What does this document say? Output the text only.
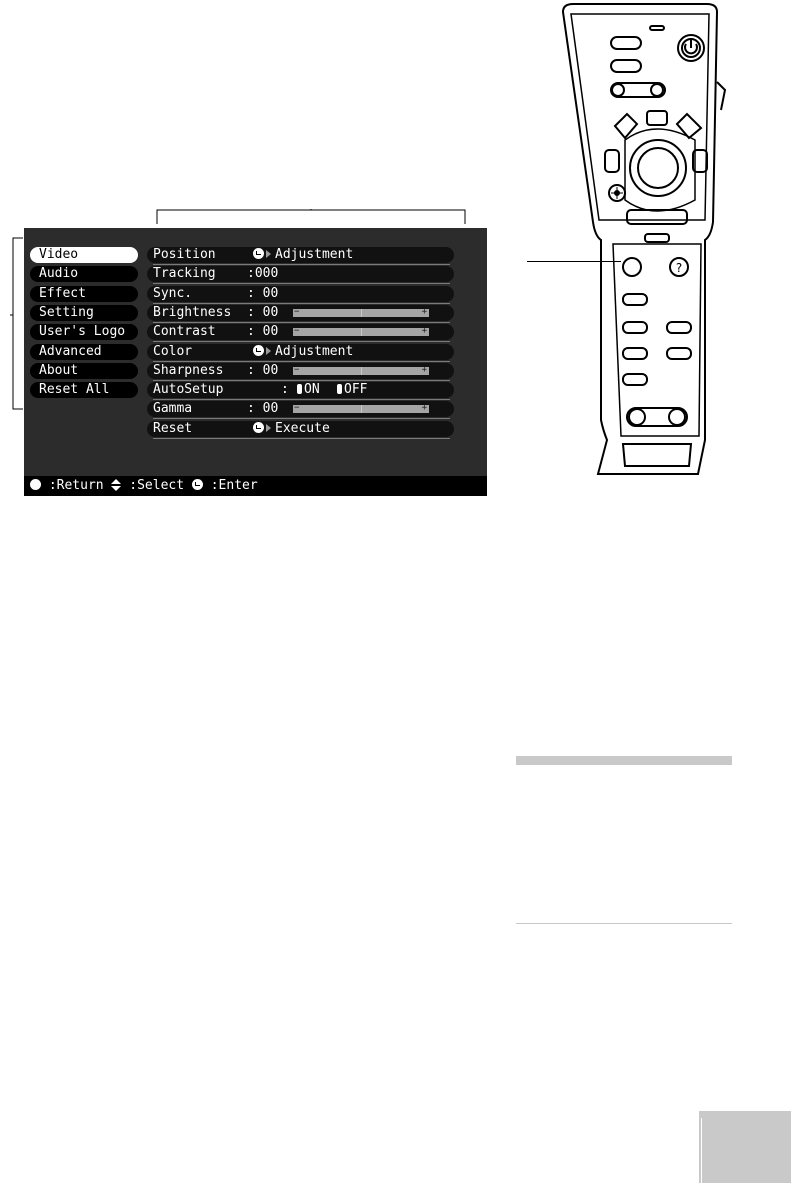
Video
Audio
Effect
Setting
User's Logo
Advanced
About
Reset All
Position	Adjustment
Tracking :000
Sync.	: 00
Brightness : 00 −	+
Contrast : 00 −	+
Color	Adjustment
Sharpness : 00 −	+
AutoSetup	:	ON	OFF
Gamma	: 00 −	+
Reset	Execute
:Return :Select :Enter
?
